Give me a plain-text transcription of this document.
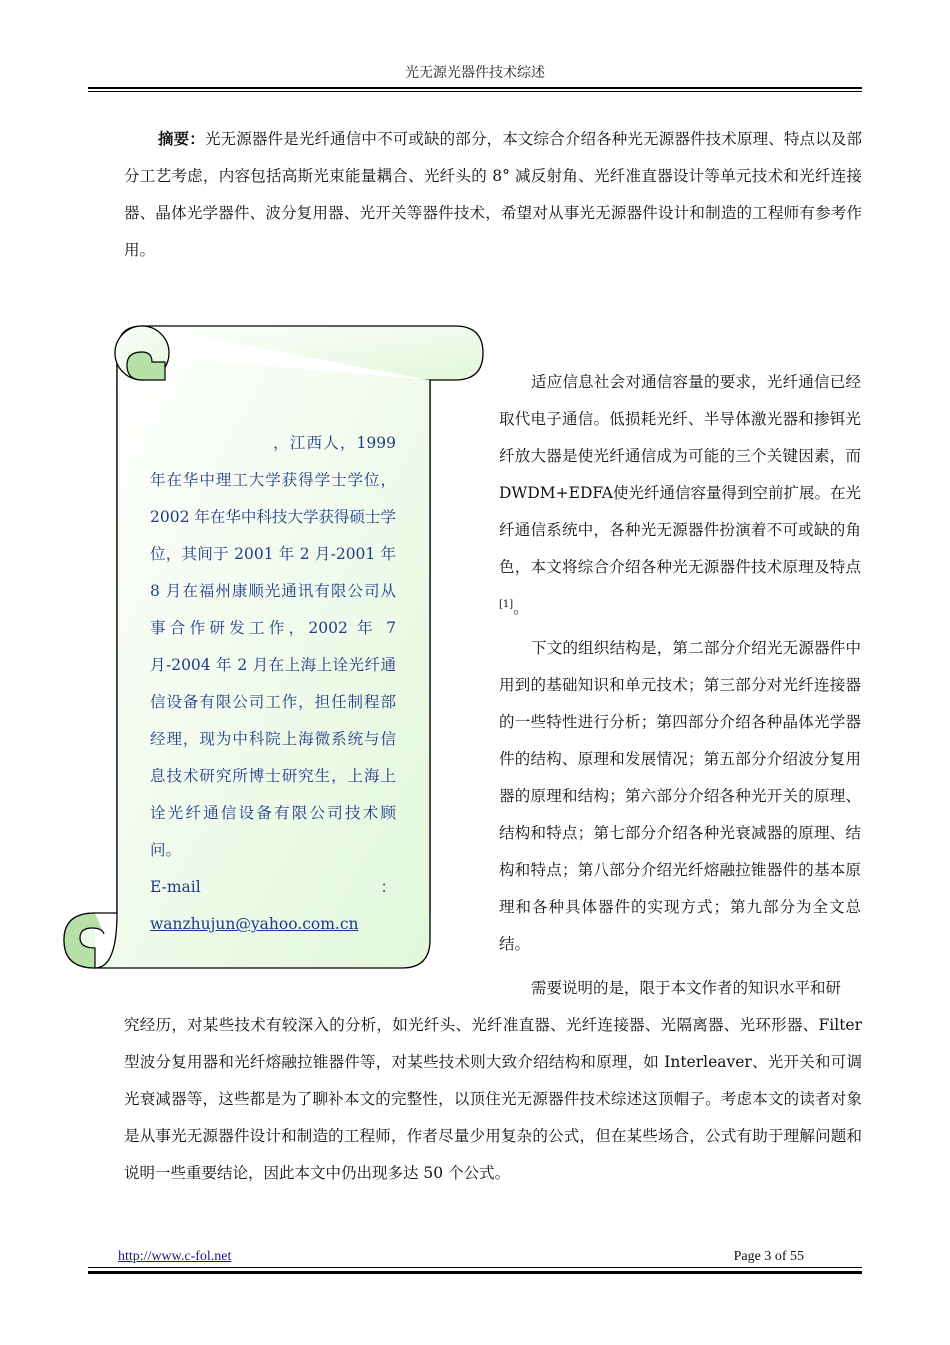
光无源光器件技术综述

摘要：光无源器件是光纤通信中不可或缺的部分，本文综合介绍各种光无源器件技术原理、特点以及部分工艺考虑，内容包括高斯光束能量耦合、光纤头的 8° 减反射角、光纤准直器设计等单元技术和光纤连接器、晶体光学器件、波分复用器、光开关等器件技术，希望对从事光无源器件设计和制造的工程师有参考作用。

，江西人，1999 年在华中理工大学获得学士学位，2002 年在华中科技大学获得硕士学位，其间于 2001 年 2 月-2001 年 8 月在福州康顺光通讯有限公司从事合作研发工作，2002 年 7 月-2004 年 2 月在上海上诠光纤通信设备有限公司工作，担任制程部经理，现为中科院上海微系统与信息技术研究所博士研究生，上海上诠光纤通信设备有限公司技术顾问。
E-mail：wanzhujun@yahoo.com.cn

适应信息社会对通信容量的要求，光纤通信已经取代电子通信。低损耗光纤、半导体激光器和掺铒光纤放大器是使光纤通信成为可能的三个关键因素，而DWDM+EDFA使光纤通信容量得到空前扩展。在光纤通信系统中，各种光无源器件扮演着不可或缺的角色，本文将综合介绍各种光无源器件技术原理及特点[1]。

下文的组织结构是，第二部分介绍光无源器件中用到的基础知识和单元技术；第三部分对光纤连接器的一些特性进行分析；第四部分介绍各种晶体光学器件的结构、原理和发展情况；第五部分介绍波分复用器的原理和结构；第六部分介绍各种光开关的原理、结构和特点；第七部分介绍各种光衰减器的原理、结构和特点；第八部分介绍光纤熔融拉锥器件的基本原理和各种具体器件的实现方式；第九部分为全文总结。

需要说明的是，限于本文作者的知识水平和研

究经历，对某些技术有较深入的分析，如光纤头、光纤准直器、光纤连接器、光隔离器、光环形器、Filter 型波分复用器和光纤熔融拉锥器件等，对某些技术则大致介绍结构和原理，如 Interleaver、光开关和可调光衰减器等，这些都是为了聊补本文的完整性，以顶住光无源器件技术综述这顶帽子。考虑本文的读者对象是从事光无源器件设计和制造的工程师，作者尽量少用复杂的公式，但在某些场合，公式有助于理解问题和说明一些重要结论，因此本文中仍出现多达 50 个公式。

http://www.c-fol.net	Page 3 of 55
